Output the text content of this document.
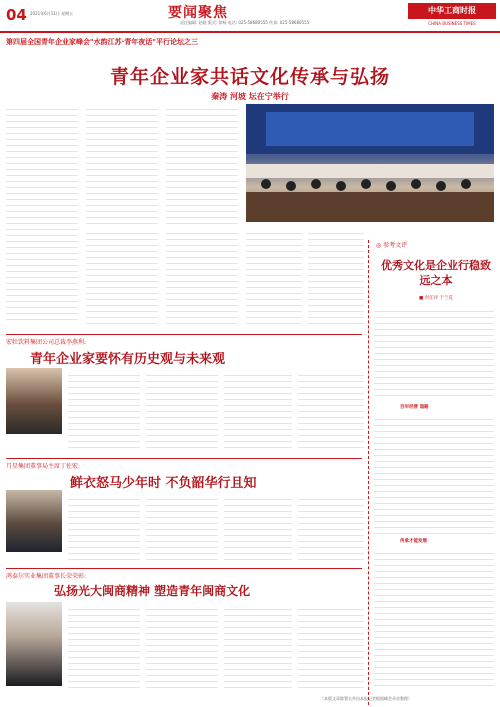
04 2021年6月11日 星期五	要闻聚焦
责任编辑: 赵晓 版式: 徐杨 电话: 025-58680555 传真: 025-58680555
中华工商时报
CHINA BUSINESS TIMES
第四届全国青年企业家峰会"水韵江苏·青年夜话"平行论坛之三
青年企业家共话文化传承与弘扬
秦涛 河坡 坛在宁举行
◎ 参考文评
优秀文化是企业行稳致远之本
■ 责任评 于兰花
百年经营 道路
传承才能发展
宏牡饮料集团公司总裁李燕利:
青年企业家要怀有历史观与未来观
月星集团董事局主席丁佐宏:
鲜衣怒马少年时 不负韶华行且知
鸿泰尔实业集团董事长荣荣彰:
弘扬光大闽商精神 塑造青年闽商文化
（本版文章除署名外由本报记者根据峰会录音整理）
